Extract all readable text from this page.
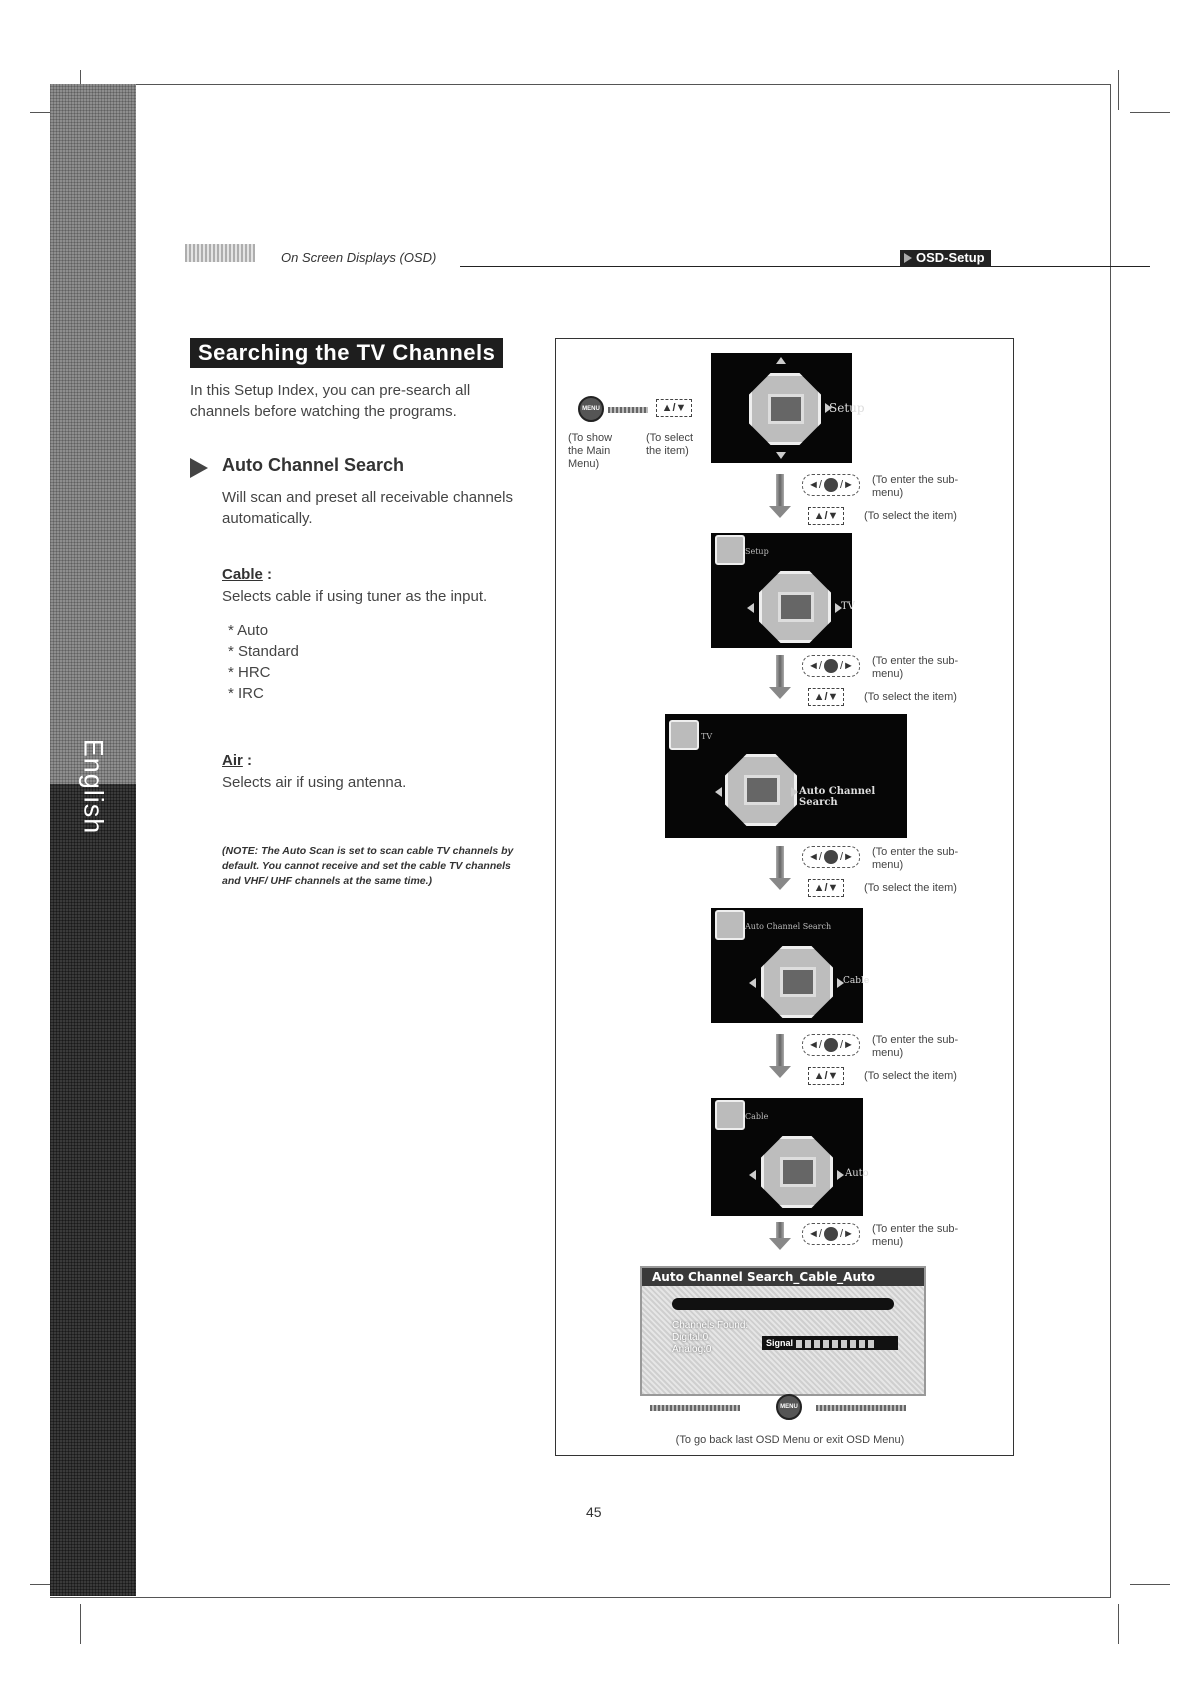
English
On Screen Displays (OSD)	OSD-Setup
Searching the TV Channels
In this Setup Index, you can pre-search all channels before watching the programs.
Auto Channel Search
Will scan and preset all receivable channels automatically.
Cable :
Selects cable if using tuner as the input.
* Auto
* Standard
* HRC
* IRC
Air :
Selects air if using antenna.
(NOTE: The Auto Scan is set to scan cable TV channels by default. You cannot receive and set the cable TV channels and VHF/ UHF channels at the same time.)
MENU	▲/▼
(To show the Main Menu)
(To select the item)
Setup
◄/ /►	(To enter the sub-menu)
▲/▼	(To select the item)
Setup
TV
◄/ /►	(To enter the sub-menu)
▲/▼	(To select the item)
TV
Auto Channel Search
◄/ /►	(To enter the sub-menu)
▲/▼	(To select the item)
Auto Channel Search
Cable
◄/ /►	(To enter the sub-menu)
▲/▼	(To select the item)
Cable
Auto
◄/ /►	(To enter the sub-menu)
Auto Channel Search_Cable_Auto
Channels Found:
Digital:0
Analog:0
Signal
MENU
(To go back last OSD Menu or exit OSD Menu)
45
